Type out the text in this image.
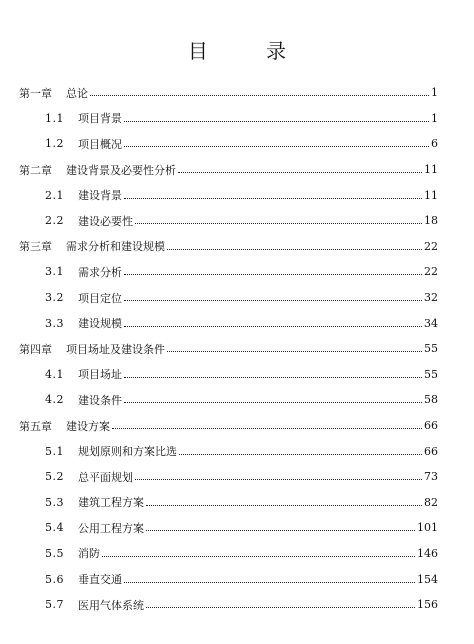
目 录
第一章 总论	1
1.1 项目背景	1
1.2 项目概况	6
第二章 建设背景及必要性分析	11
2.1 建设背景	11
2.2 建设必要性	18
第三章 需求分析和建设规模	22
3.1 需求分析	22
3.2 项目定位	32
3.3 建设规模	34
第四章 项目场址及建设条件	55
4.1 项目场址	55
4.2 建设条件	58
第五章 建设方案	66
5.1 规划原则和方案比选	66
5.2 总平面规划	73
5.3 建筑工程方案	82
5.4 公用工程方案	101
5.5 消防	146
5.6 垂直交通	154
5.7 医用气体系统	156
